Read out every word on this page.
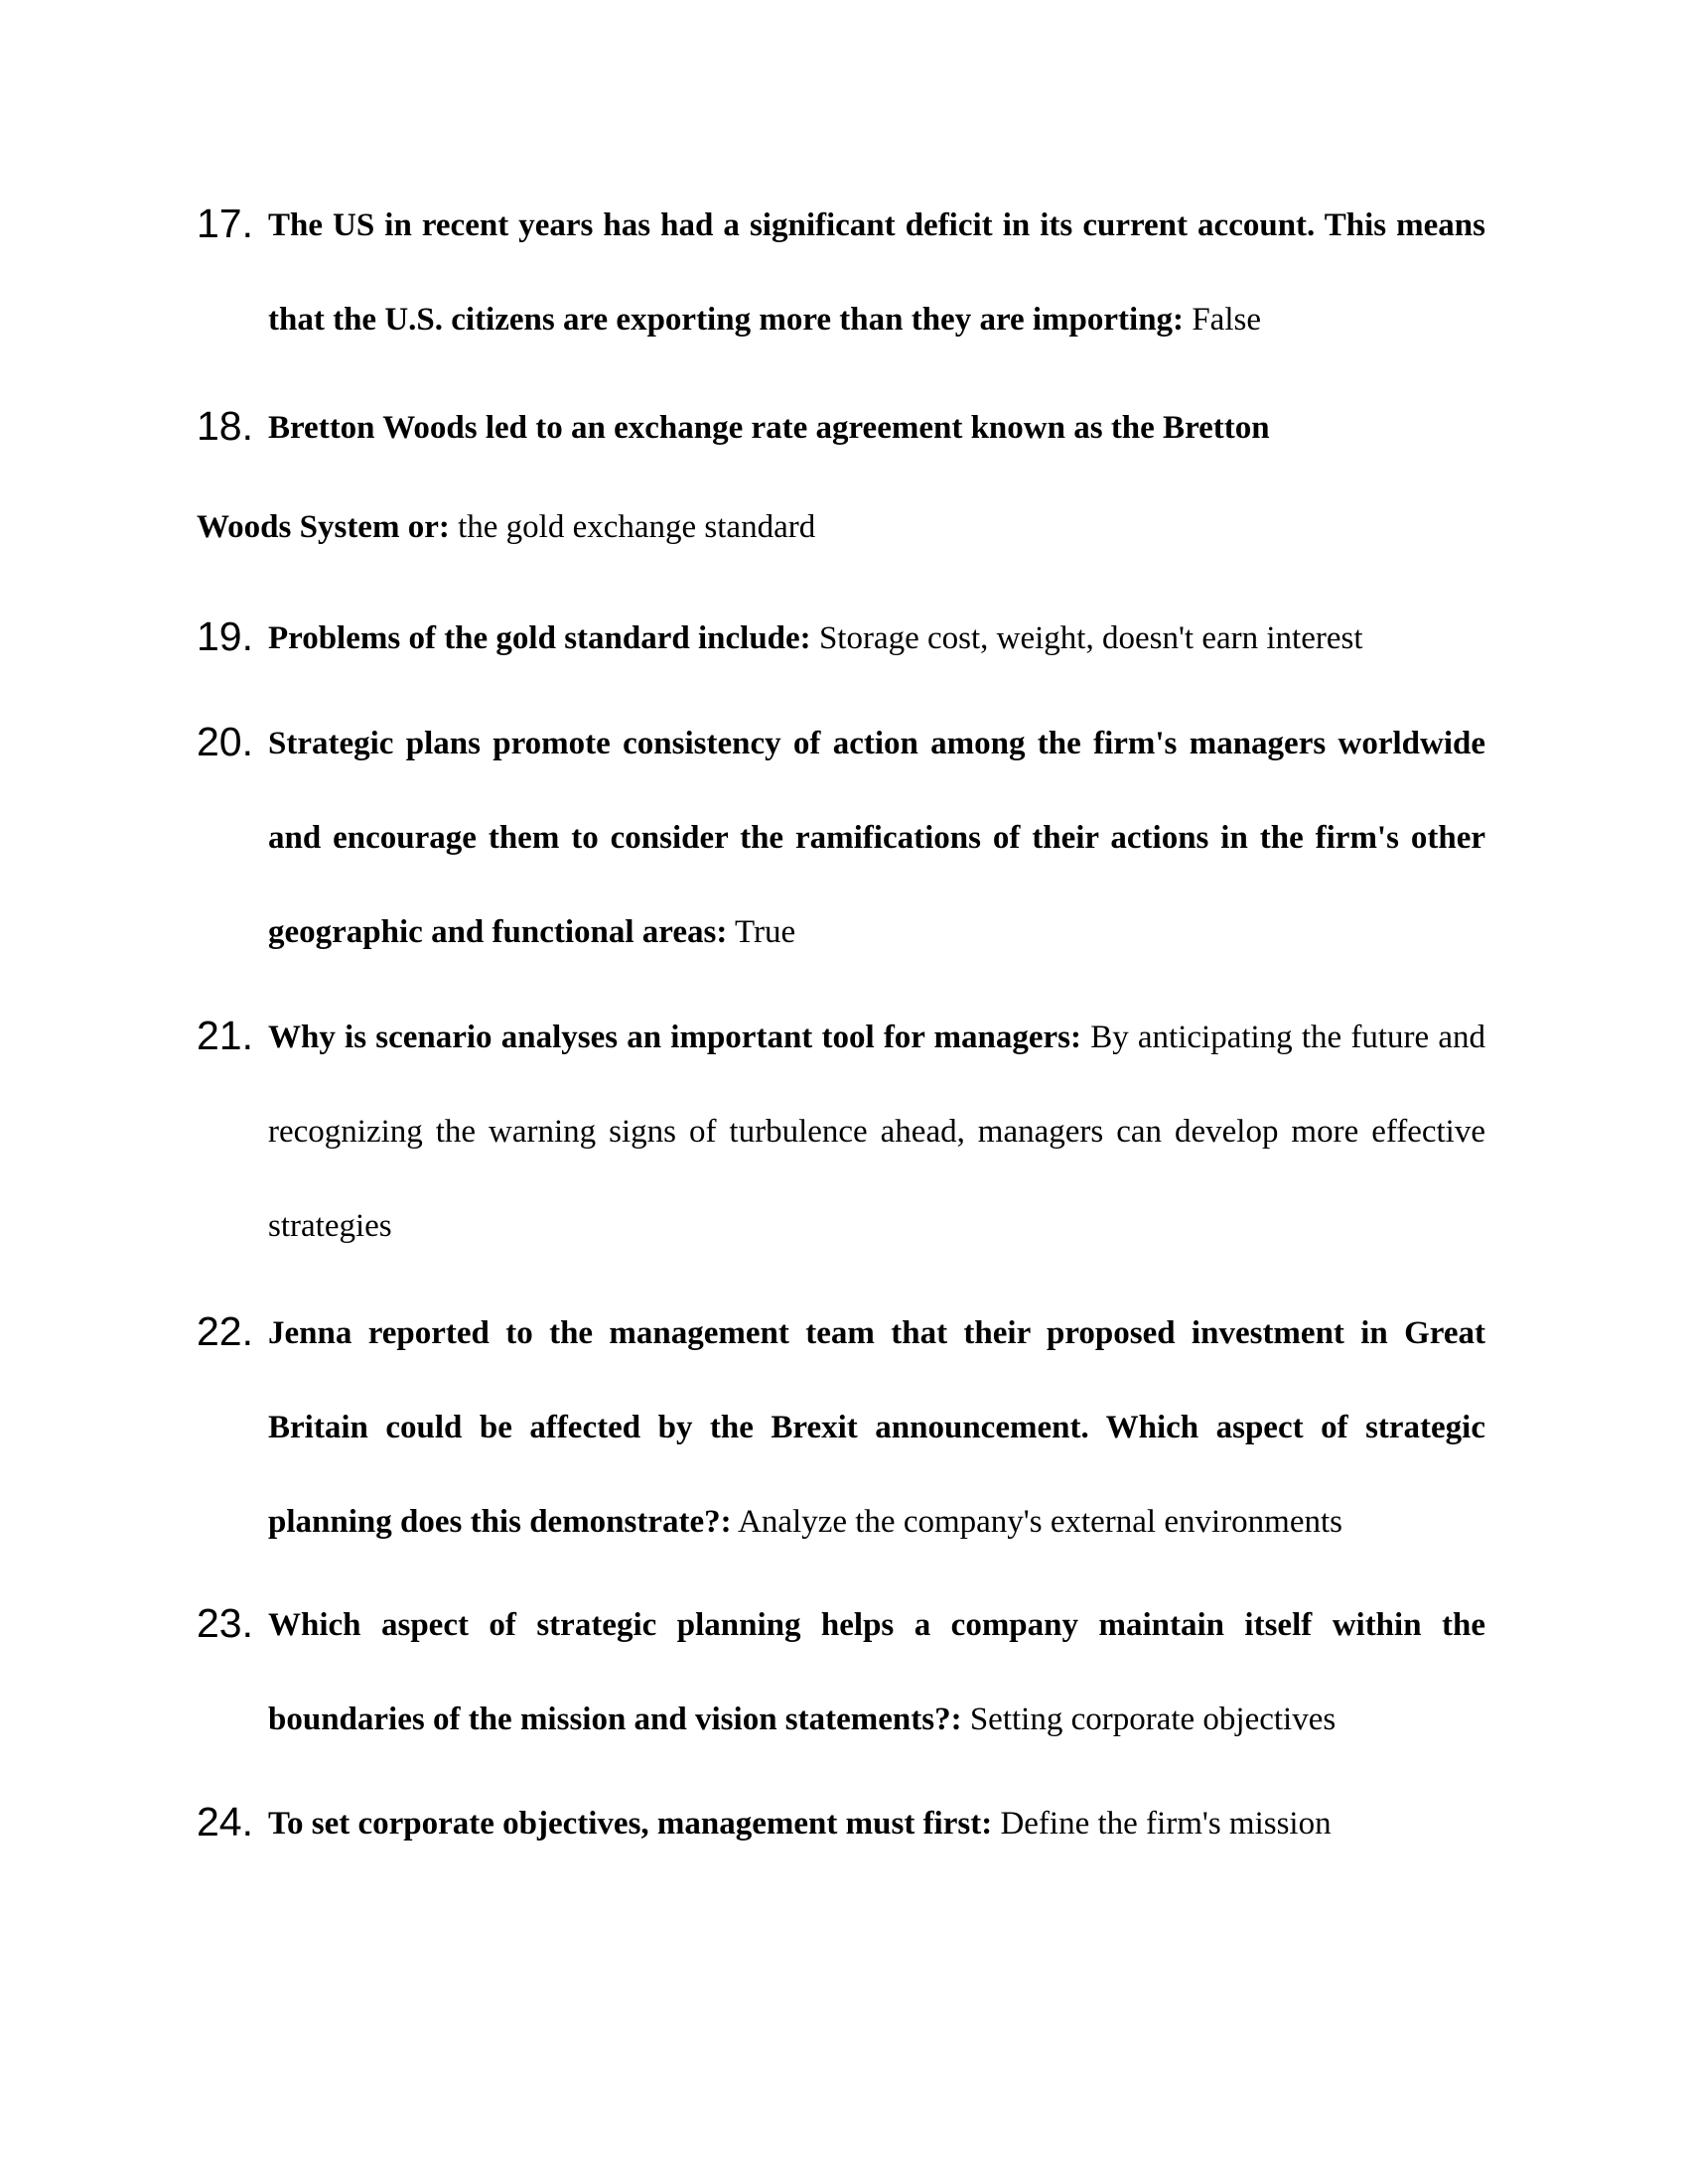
17. The US in recent years has had a significant deficit in its current account. This means
that the U.S. citizens are exporting more than they are importing: False
18. Bretton Woods led to an exchange rate agreement known as the Bretton
Woods System or: the gold exchange standard
19. Problems of the gold standard include: Storage cost, weight, doesn't earn interest
20. Strategic plans promote consistency of action among the firm's managers worldwide
and encourage them to consider the ramifications of their actions in the firm's other
geographic and functional areas: True
21. Why is scenario analyses an important tool for managers: By anticipating the future and
recognizing the warning signs of turbulence ahead, managers can develop more effective
strategies
22. Jenna reported to the management team that their proposed investment in Great
Britain could be affected by the Brexit announcement. Which aspect of strategic
planning does this demonstrate?: Analyze the company's external environments
23. Which aspect of strategic planning helps a company maintain itself within the
boundaries of the mission and vision statements?: Setting corporate objectives
24. To set corporate objectives, management must first: Define the firm's mission
